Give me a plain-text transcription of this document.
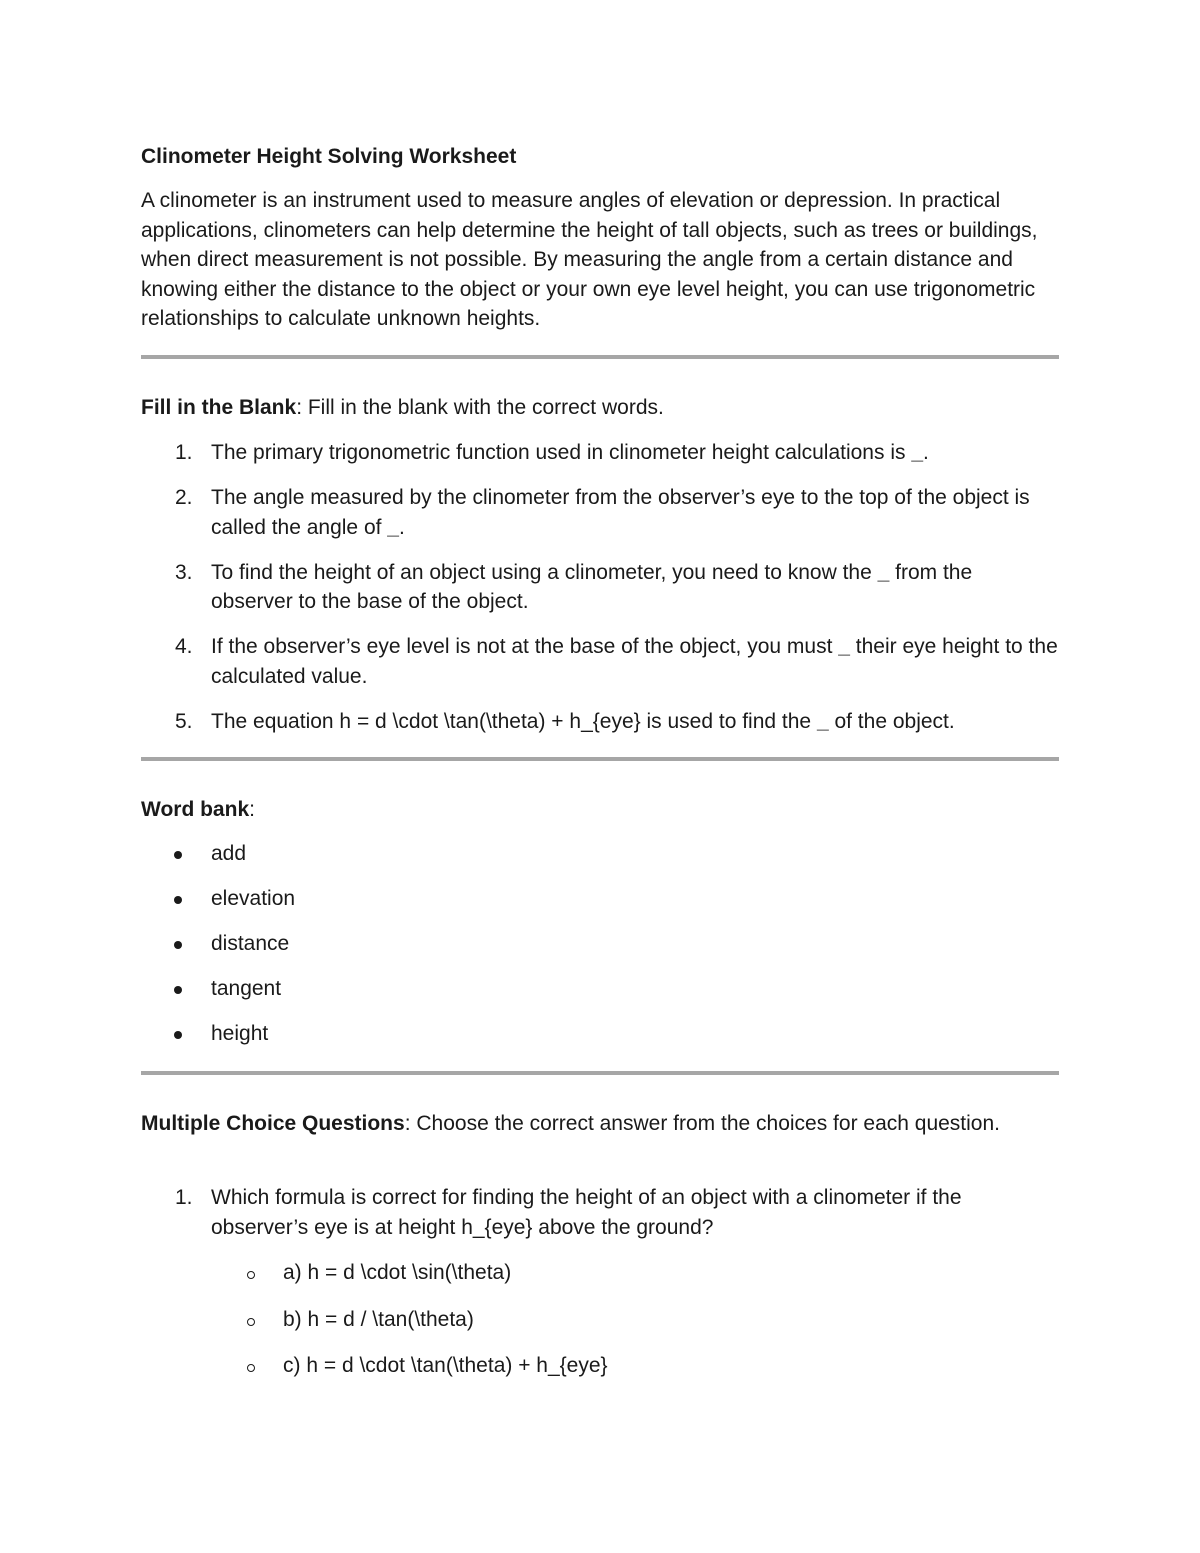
Clinometer Height Solving Worksheet

A clinometer is an instrument used to measure angles of elevation or depression. In practical applications, clinometers can help determine the height of tall objects, such as trees or buildings, when direct measurement is not possible. By measuring the angle from a certain distance and knowing either the distance to the object or your own eye level height, you can use trigonometric relationships to calculate unknown heights.

Fill in the Blank: Fill in the blank with the correct words.

1. The primary trigonometric function used in clinometer height calculations is _.
2. The angle measured by the clinometer from the observer’s eye to the top of the object is called the angle of _.
3. To find the height of an object using a clinometer, you need to know the _ from the observer to the base of the object.
4. If the observer’s eye level is not at the base of the object, you must _ their eye height to the calculated value.
5. The equation h = d \cdot \tan(\theta) + h_{eye} is used to find the _ of the object.

Word bank:

add
elevation
distance
tangent
height

Multiple Choice Questions: Choose the correct answer from the choices for each question.

1. Which formula is correct for finding the height of an object with a clinometer if the observer’s eye is at height h_{eye} above the ground?
a) h = d \cdot \sin(\theta)
b) h = d / \tan(\theta)
c) h = d \cdot \tan(\theta) + h_{eye}
